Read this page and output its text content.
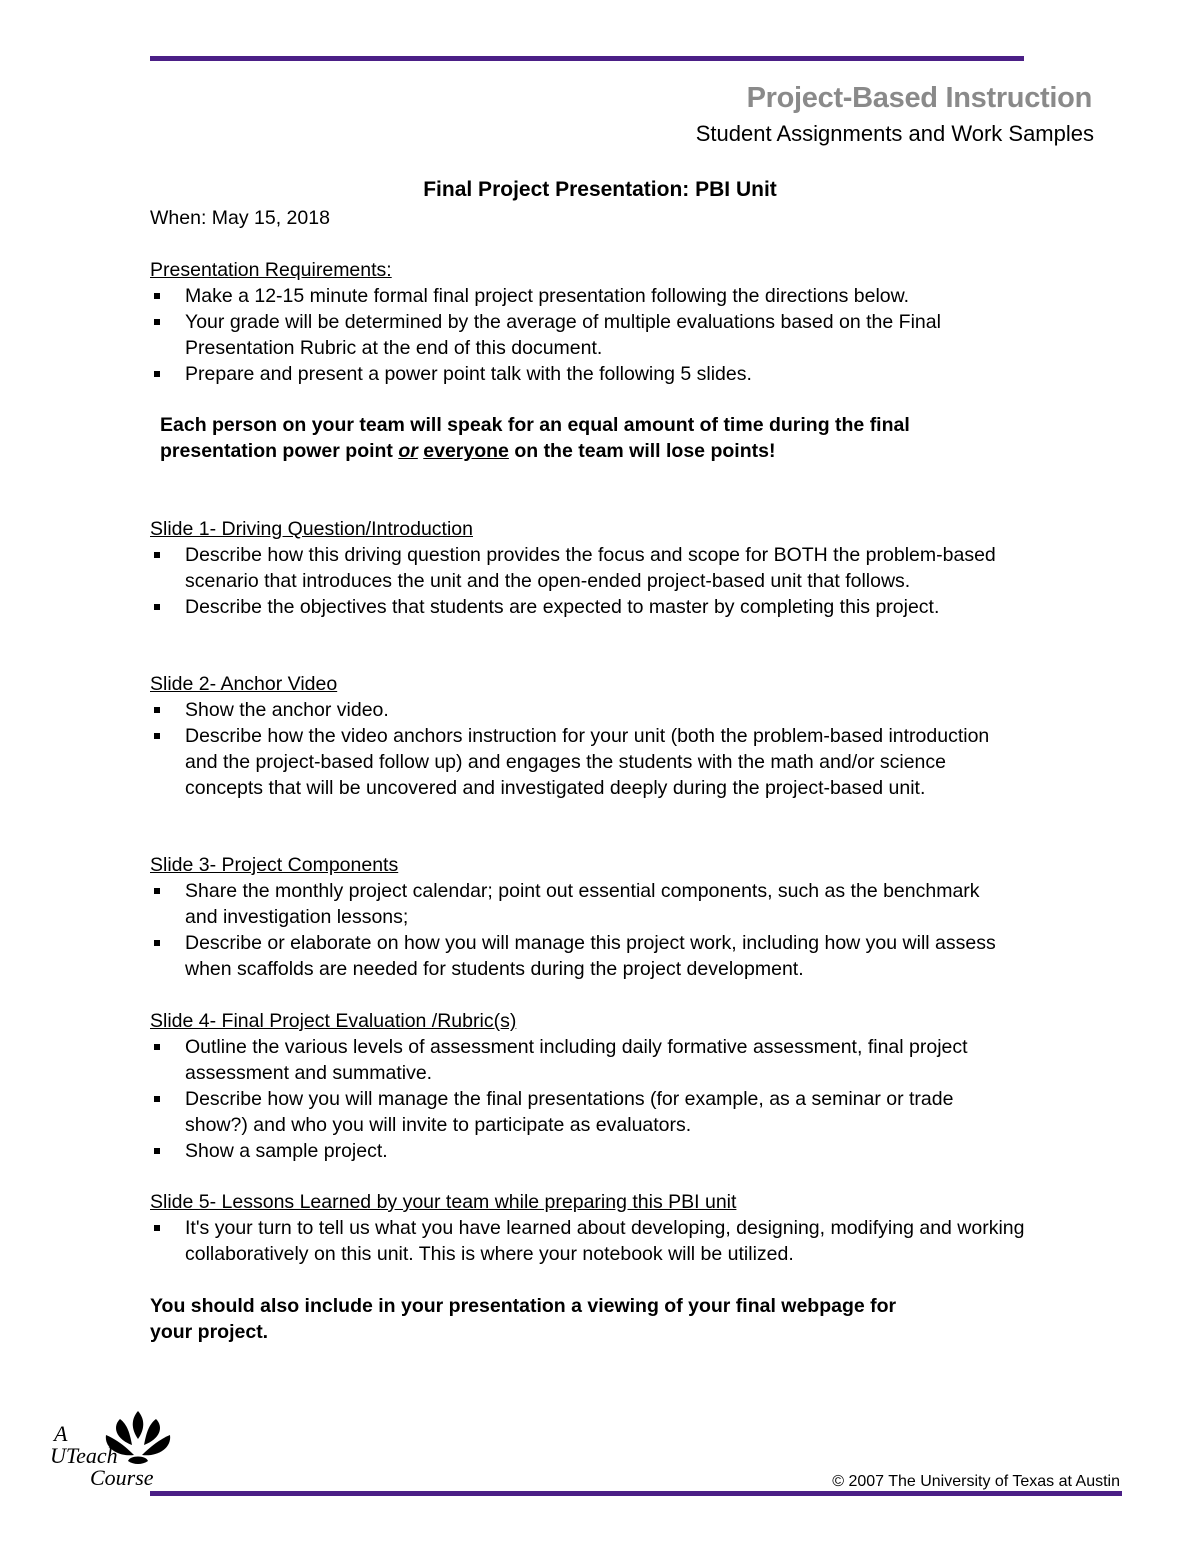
Project-Based Instruction
Student Assignments and Work Samples
Final Project Presentation: PBI Unit
When: May 15, 2018
Presentation Requirements:
Make a 12-15 minute formal final project presentation following the directions below.
Your grade will be determined by the average of multiple evaluations based on the Final Presentation Rubric at the end of this document.
Prepare and present a power point talk with the following 5 slides.
Each person on your team will speak for an equal amount of time during the final
presentation power point or everyone on the team will lose points!
Slide 1- Driving Question/Introduction
Describe how this driving question provides the focus and scope for BOTH the problem-based scenario that introduces the unit and the open-ended project-based unit that follows.
Describe the objectives that students are expected to master by completing this project.
Slide 2- Anchor Video
Show the anchor video.
Describe how the video anchors instruction for your unit (both the problem-based introduction and the project-based follow up) and engages the students with the math and/or science concepts that will be uncovered and investigated deeply during the project-based unit.
Slide 3- Project Components
Share the monthly project calendar; point out essential components, such as the benchmark and investigation lessons;
Describe or elaborate on how you will manage this project work, including how you will assess when scaffolds are needed for students during the project development.
Slide 4- Final Project Evaluation /Rubric(s)
Outline the various levels of assessment including daily formative assessment, final project assessment and summative.
Describe how you will manage the final presentations (for example, as a seminar or trade show?) and who you will invite to participate as evaluators.
Show a sample project.
Slide 5- Lessons Learned by your team while preparing this PBI unit
It's your turn to tell us what you have learned about developing, designing, modifying and working collaboratively on this unit. This is where your notebook will be utilized.
You should also include in your presentation a viewing of your final webpage for
your project.
A
UTeach
Course	© 2007 The University of Texas at Austin
